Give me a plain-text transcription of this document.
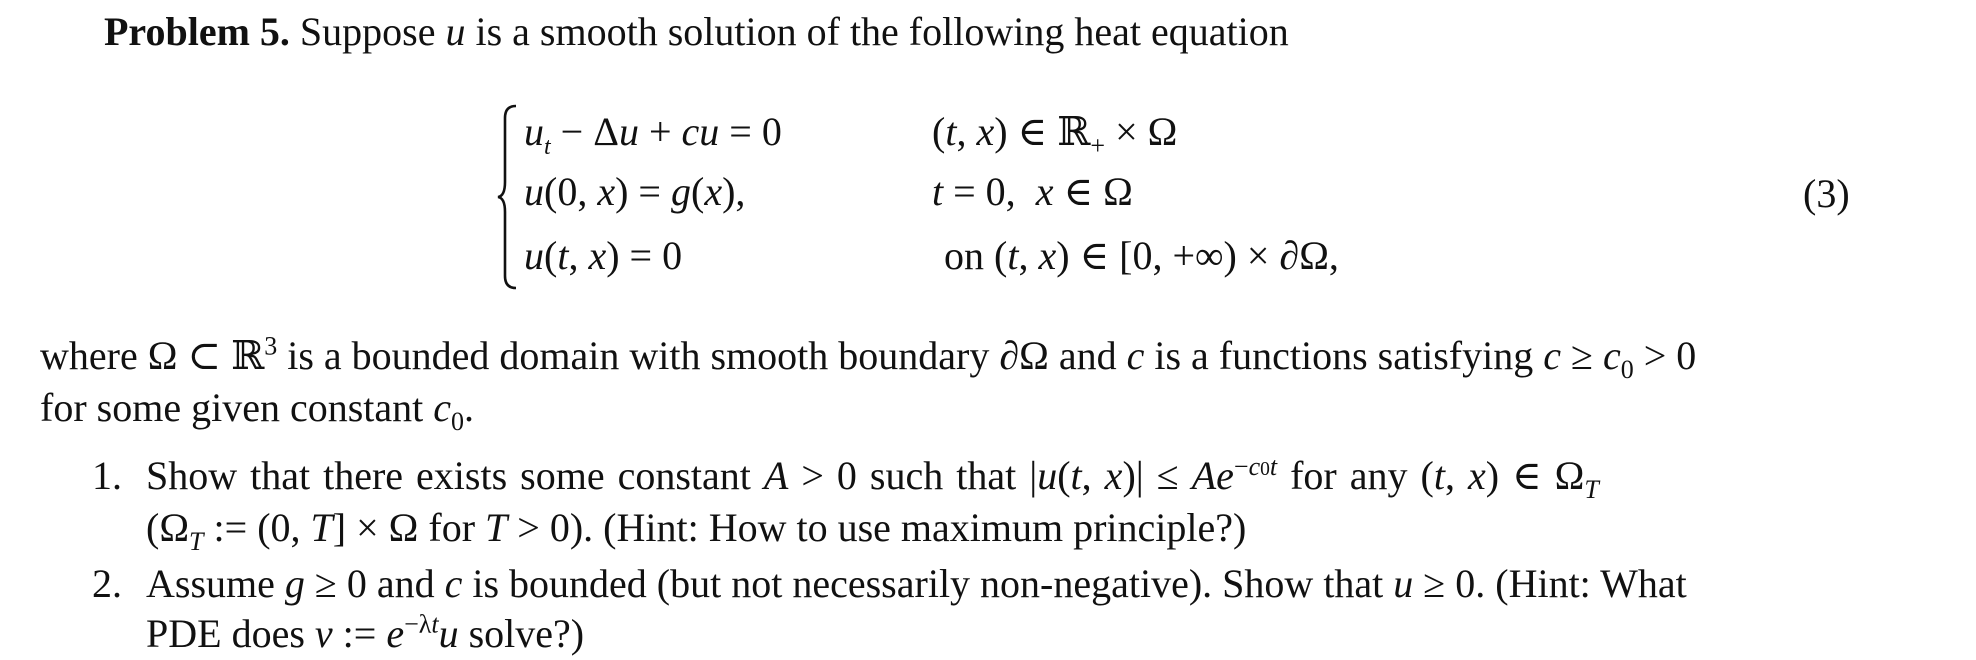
Problem 5. Suppose u is a smooth solution of the following heat equation
$u_t - \Delta u$ + cu = 0	(t, x) ∈ ℝ$_+$ × Ω
u(0, x) = g(x),	t = 0,  x ∈ Ω
u(t, x) = 0	on (t, x) ∈ [0, +∞) × ∂Ω,
(3)
where Ω ⊂ ℝ$^3$ is a bounded domain with smooth boundary ∂Ω and c is a functions satisfying $c \ge c_0 > 0$
for some given constant $c_0$.
1. Show that there exists some constant A > 0 such that |u(t, $x)| \le Ae^{-c0t}$ for any (t, x) ∈ $\Omega_T$
($\Omega_T$ := (0, T] × Ω for T > 0). (Hint: How to use maximum principle?)
2. Assume g ≥ 0 and c is bounded (but not necessarily non-negative). Show that u ≥ 0. (Hint: What
PDE does v := $e^{-\lambda t}u$ solve?)
